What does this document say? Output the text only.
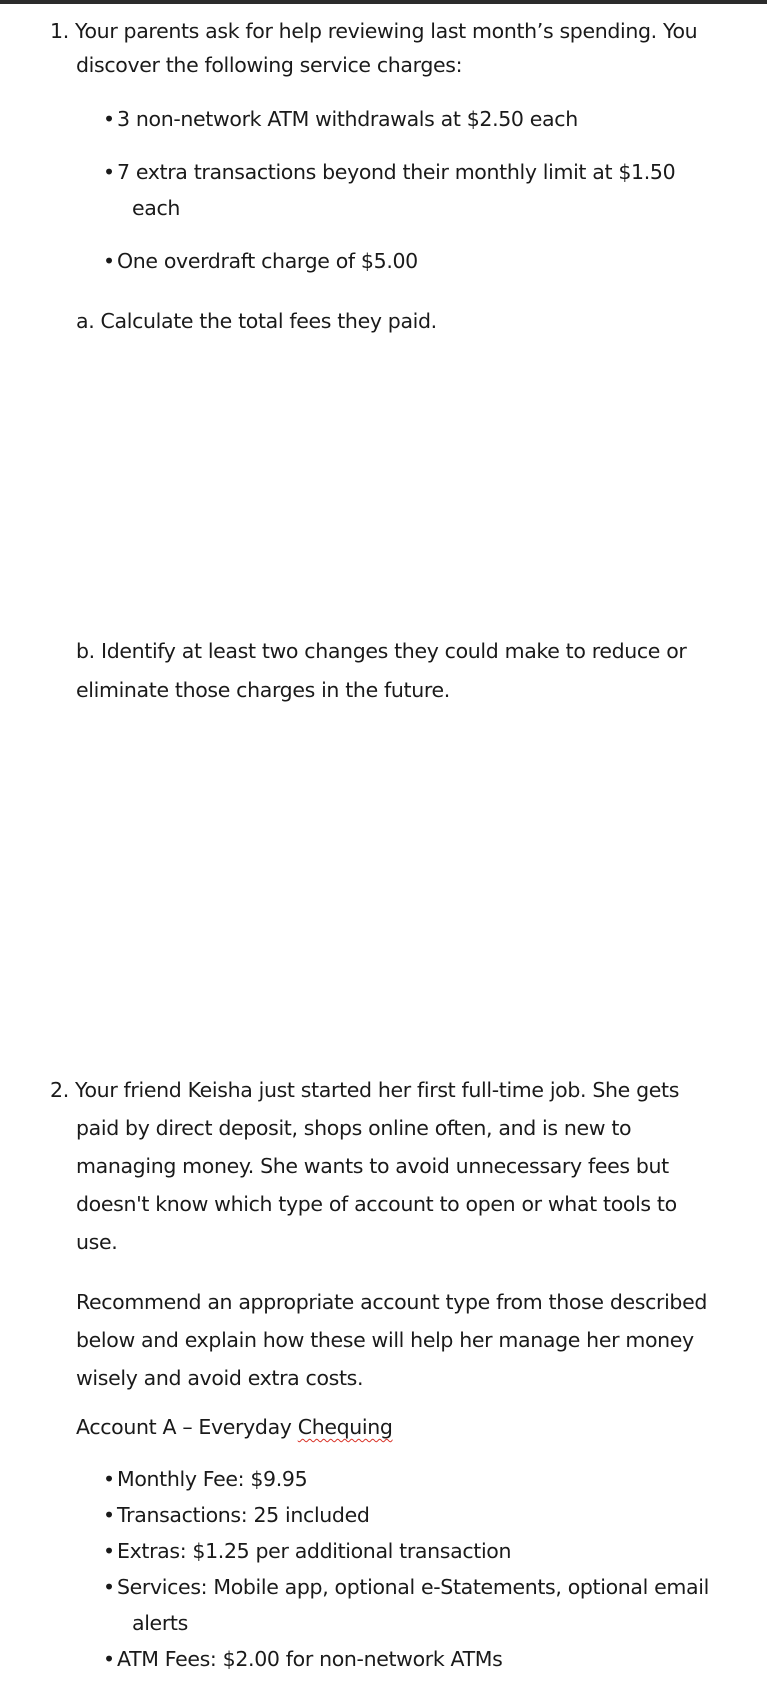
1. Your parents ask for help reviewing last month’s spending. You
discover the following service charges:
•3 non-network ATM withdrawals at $2.50 each
•7 extra transactions beyond their monthly limit at $1.50
each
•One overdraft charge of $5.00
a. Calculate the total fees they paid.
b. Identify at least two changes they could make to reduce or
eliminate those charges in the future.
2. Your friend Keisha just started her first full-time job. She gets
paid by direct deposit, shops online often, and is new to
managing money. She wants to avoid unnecessary fees but
doesn't know which type of account to open or what tools to
use.
Recommend an appropriate account type from those described
below and explain how these will help her manage her money
wisely and avoid extra costs.
Account A – Everyday Chequing
•Monthly Fee: $9.95
•Transactions: 25 included
•Extras: $1.25 per additional transaction
•Services: Mobile app, optional e-Statements, optional email
alerts
•ATM Fees: $2.00 for non-network ATMs
